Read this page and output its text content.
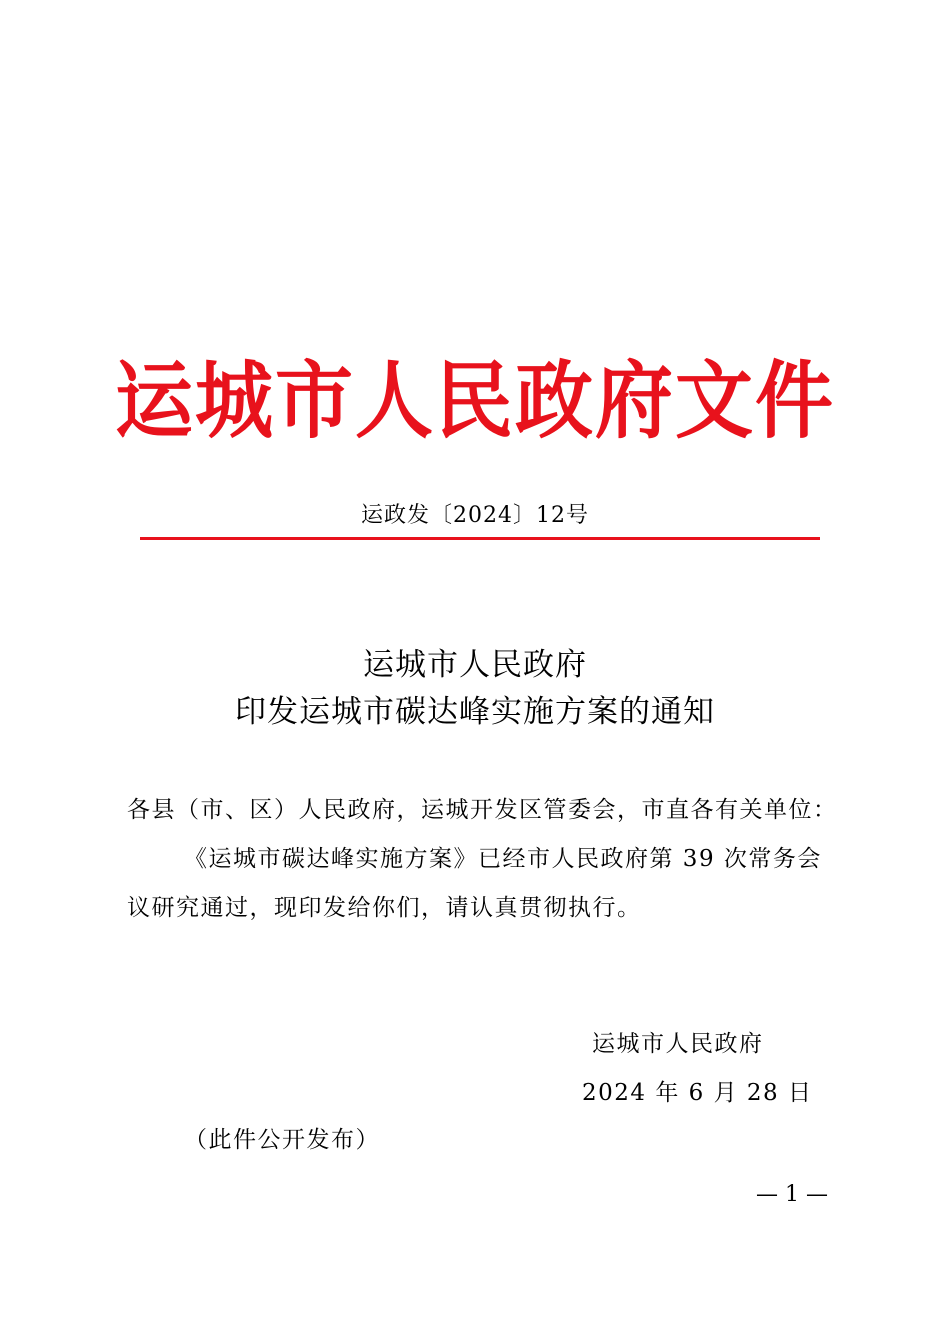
运城市人民政府文件
运政发〔2024〕12号
运城市人民政府
印发运城市碳达峰实施方案的通知
各县（市、区）人民政府，运城开发区管委会，市直各有关单位：
《运城市碳达峰实施方案》已经市人民政府第 39 次常务会
议研究通过，现印发给你们，请认真贯彻执行。
运城市人民政府
2024 年 6 月 28 日
（此件公开发布）
— 1 —
